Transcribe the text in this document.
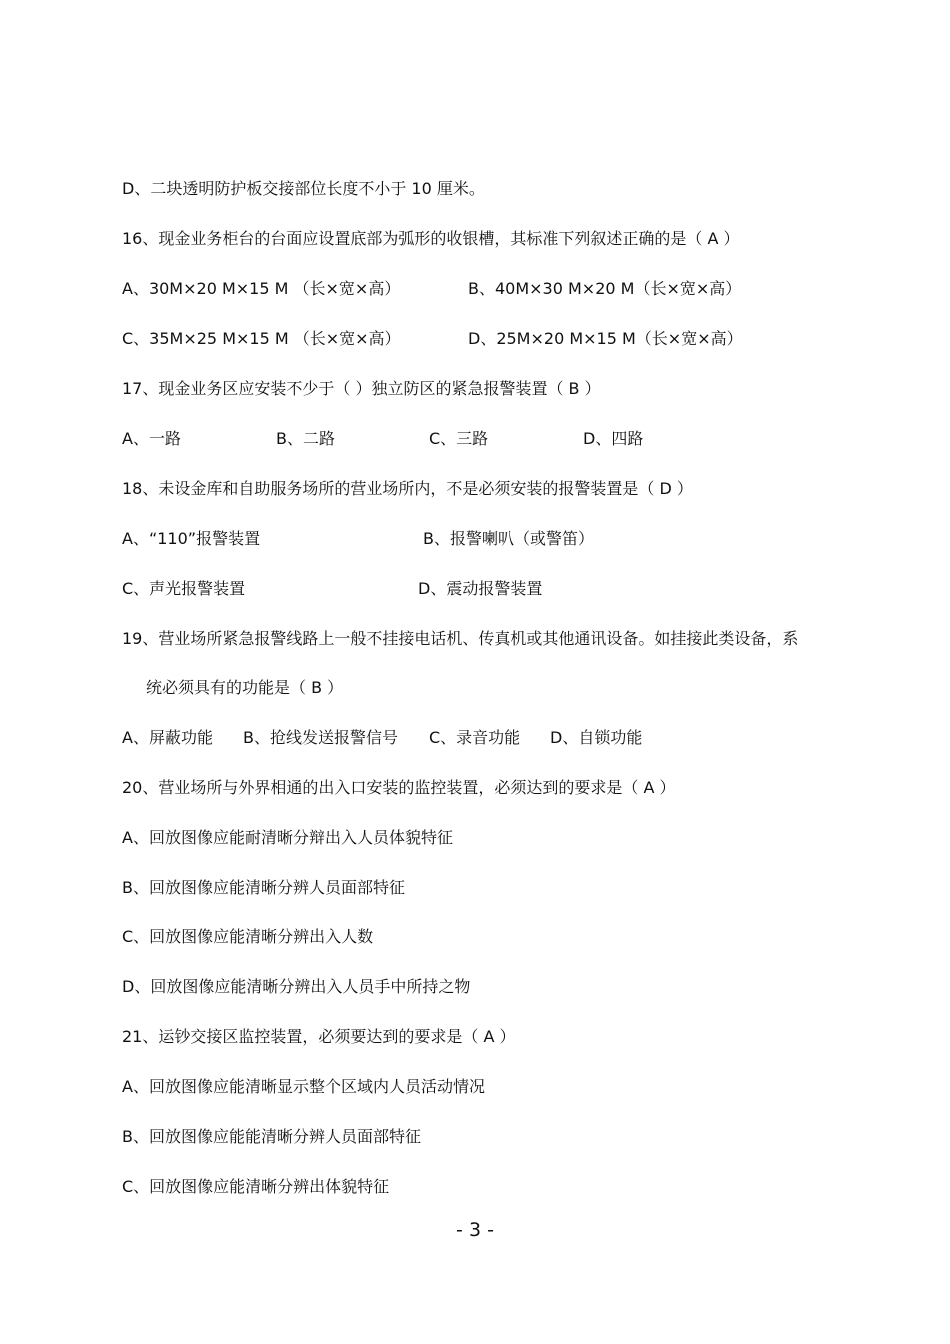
D、二块透明防护板交接部位长度不小于 10 厘米。
16、现金业务柜台的台面应设置底部为弧形的收银槽，其标准下列叙述正确的是（ A ）
A、30M×20 M×15 M （长×宽×高）	B、40M×30 M×20 M（长×宽×高）
C、35M×25 M×15 M （长×宽×高）	D、25M×20 M×15 M（长×宽×高）
17、现金业务区应安装不少于（ ）独立防区的紧急报警装置（ B ）
A、一路	B、二路	C、三路	D、四路
18、未设金库和自助服务场所的营业场所内，不是必须安装的报警装置是（ D ）
A、“110”报警装置	B、报警喇叭（或警笛）
C、声光报警装置	D、震动报警装置
19、营业场所紧急报警线路上一般不挂接电话机、传真机或其他通讯设备。如挂接此类设备，系
统必须具有的功能是（ B ）
A、屏蔽功能 B、抢线发送报警信号 C、录音功能 D、自锁功能
20、营业场所与外界相通的出入口安装的监控装置，必须达到的要求是（ A ）
A、回放图像应能耐清晰分辩出入人员体貌特征
B、回放图像应能清晰分辨人员面部特征
C、回放图像应能清晰分辨出入人数
D、回放图像应能清晰分辨出入人员手中所持之物
21、运钞交接区监控装置，必须要达到的要求是（ A ）
A、回放图像应能清晰显示整个区域内人员活动情况
B、回放图像应能能清晰分辨人员面部特征
C、回放图像应能清晰分辨出体貌特征
- 3 -
